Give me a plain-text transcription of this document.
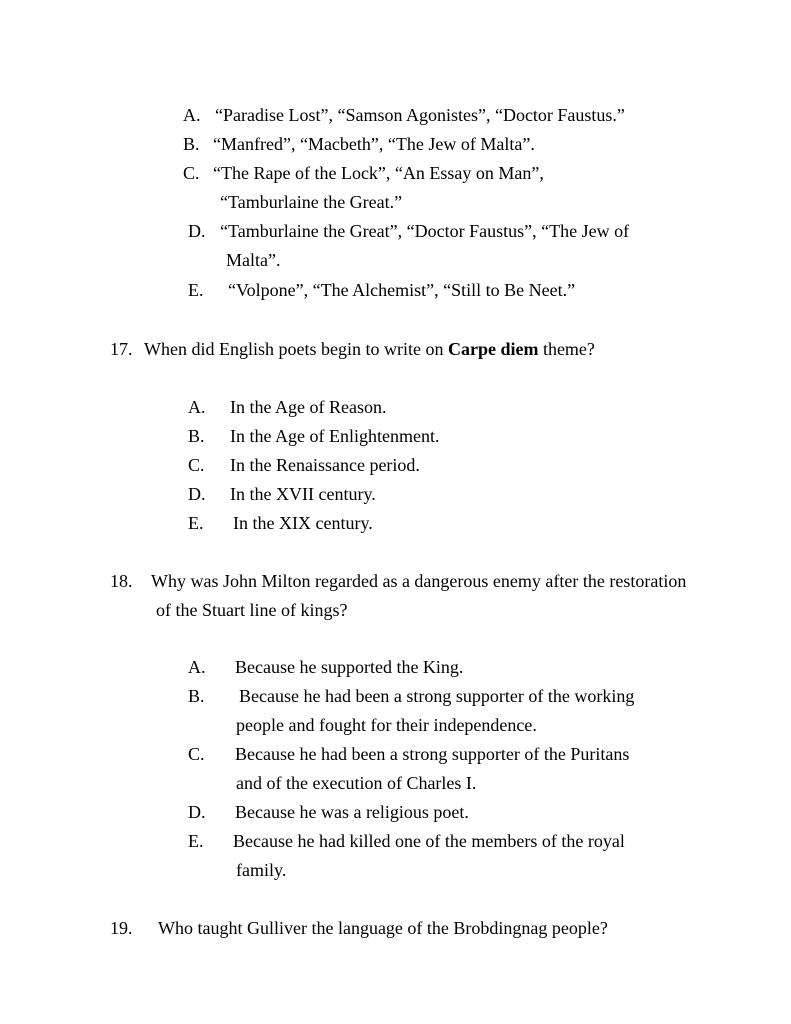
A. “Paradise Lost”, “Samson Agonistes”, “Doctor Faustus.”
B. “Manfred”, “Macbeth”, “The Jew of Malta”.
C. “The Rape of the Lock”, “An Essay on Man”,
“Tamburlaine the Great.”
D. “Tamburlaine the Great”, “Doctor Faustus”, “The Jew of
Malta”.
E. “Volpone”, “The Alchemist”, “Still to Be Neet.”
17. When did English poets begin to write on Carpe diem theme?
A. In the Age of Reason.
B. In the Age of Enlightenment.
C. In the Renaissance period.
D. In the XVII century.
E. In the XIX century.
18. Why was John Milton regarded as a dangerous enemy after the restoration
of the Stuart line of kings?
A. Because he supported the King.
B. Because he had been a strong supporter of the working
people and fought for their independence.
C. Because he had been a strong supporter of the Puritans
and of the execution of Charles I.
D. Because he was a religious poet.
E. Because he had killed one of the members of the royal
family.
19. Who taught Gulliver the language of the Brobdingnag people?
